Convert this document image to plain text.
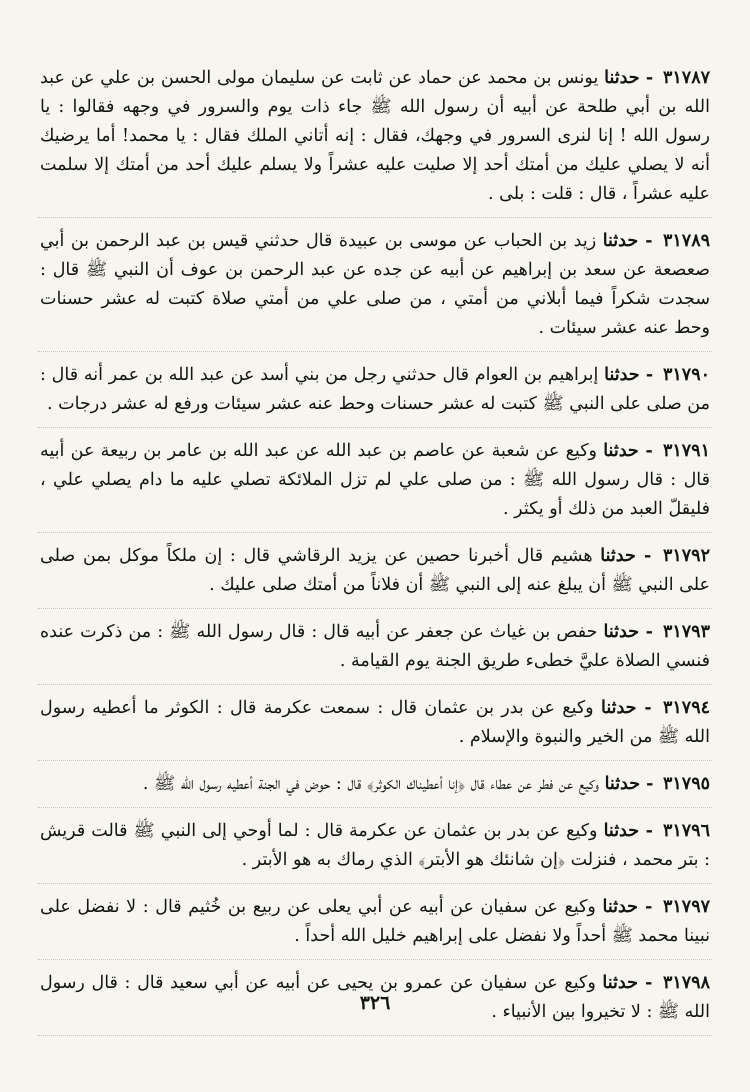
٣١٧٨٧ - حدثنا يونس بن محمد عن حماد عن ثابت عن سليمان مولى الحسن بن علي عن عبد الله بن أبي طلحة عن أبيه أن رسول الله ﷺ جاء ذات يوم والسرور في وجهه فقالوا : يا رسول الله ! إنا لنرى السرور في وجهك، فقال : إنه أتاني الملك فقال : يا محمد! أما يرضيك أنه لا يصلي عليك من أمتك أحد إلا صليت عليه عشراً ولا يسلم عليك أحد من أمتك إلا سلمت عليه عشراً ، قال : قلت : بلى .
٣١٧٨٩ - حدثنا زيد بن الحباب عن موسى بن عبيدة قال حدثني قيس بن عبد الرحمن بن أبي صعصعة عن سعد بن إبراهيم عن أبيه عن جده عن عبد الرحمن بن عوف أن النبي ﷺ قال : سجدت شكراً فيما أبلاني من أمتي ، من صلى علي من أمتي صلاة كتبت له عشر حسنات وحط عنه عشر سيئات .
٣١٧٩٠ - حدثنا إبراهيم بن العوام قال حدثني رجل من بني أسد عن عبد الله بن عمر أنه قال : من صلى على النبي ﷺ كتبت له عشر حسنات وحط عنه عشر سيئات ورفع له عشر درجات .
٣١٧٩١ - حدثنا وكيع عن شعبة عن عاصم بن عبد الله عن عبد الله بن عامر بن ربيعة عن أبيه قال : قال رسول الله ﷺ : من صلى علي لم تزل الملائكة تصلي عليه ما دام يصلي علي ، فليقلّ العبد من ذلك أو يكثر .
٣١٧٩٢ - حدثنا هشيم قال أخبرنا حصين عن يزيد الرقاشي قال : إن ملكاً موكل بمن صلى على النبي ﷺ أن يبلغ عنه إلى النبي ﷺ أن فلاناً من أمتك صلى عليك .
٣١٧٩٣ - حدثنا حفص بن غياث عن جعفر عن أبيه قال : قال رسول الله ﷺ : من ذكرت عنده فنسي الصلاة عليَّ خطىء طريق الجنة يوم القيامة .
٣١٧٩٤ - حدثنا وكيع عن بدر بن عثمان قال : سمعت عكرمة قال : الكوثر ما أعطيه رسول الله ﷺ من الخير والنبوة والإسلام .
٣١٧٩٥ - حدثنا وكيع عن فطر عن عطاء قال ﴿إنا أعطيناك الكوثر﴾ قال : حوض في الجنة أعطيه رسول الله ﷺ .
٣١٧٩٦ - حدثنا وكيع عن بدر بن عثمان عن عكرمة قال : لما أوحي إلى النبي ﷺ قالت قريش : بتر محمد ، فنزلت ﴿إن شانئك هو الأبتر﴾ الذي رماك به هو الأبتر .
٣١٧٩٧ - حدثنا وكيع عن سفيان عن أبيه عن أبي يعلى عن ربيع بن خُثيم قال : لا نفضل على نبينا محمد ﷺ أحداً ولا نفضل على إبراهيم خليل الله أحداً .
٣١٧٩٨ - حدثنا وكيع عن سفيان عن عمرو بن يحيى عن أبيه عن أبي سعيد قال : قال رسول الله ﷺ : لا تخيروا بين الأنبياء .
٣٢٦
